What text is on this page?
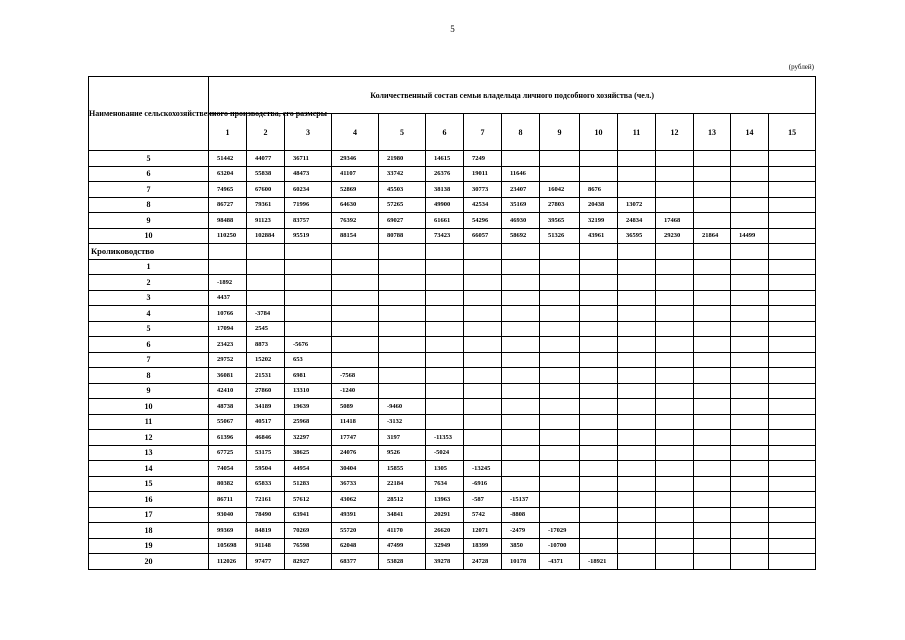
5
(рублей)
Наименование сельскохозяйственного производства, его размеры	Количественный состав семьи владельца личного подсобного хозяйства (чел.)														
	1	2	3	4	5	6	7	8	9	10	11	12	13	14	15
5	51442	44077	36711	29346	21980	14615	7249								
6	63204	55838	48473	41107	33742	26376	19011	11646							
7	74965	67600	60234	52869	45503	38138	30773	23407	16042	8676					
8	86727	79361	71996	64630	57265	49900	42534	35169	27803	20438	13072				
9	98488	91123	83757	76392	69027	61661	54296	46930	39565	32199	24834	17468			
10	110250	102884	95519	88154	80788	73423	66057	58692	51326	43961	36595	29230	21864	14499	
Кролиководство															
1															
2	-1892														
3	4437														
4	10766	-3784													
5	17094	2545													
6	23423	8873	-5676												
7	29752	15202	653												
8	36081	21531	6981	-7568											
9	42410	27860	13310	-1240											
10	48738	34189	19639	5089	-9460										
11	55067	40517	25968	11418	-3132										
12	61396	46846	32297	17747	3197	-11353									
13	67725	53175	38625	24076	9526	-5024									
14	74054	59504	44954	30404	15855	1305	-13245								
15	80382	65833	51283	36733	22184	7634	-6916								
16	86711	72161	57612	43062	28512	13963	-587	-15137							
17	93040	78490	63941	49391	34841	20291	5742	-8808							
18	99369	84819	70269	55720	41170	26620	12071	-2479	-17029						
19	105698	91148	76598	62048	47499	32949	18399	3850	-10700						
20	112026	97477	82927	68377	53828	39278	24728	10178	-4371	-18921					
